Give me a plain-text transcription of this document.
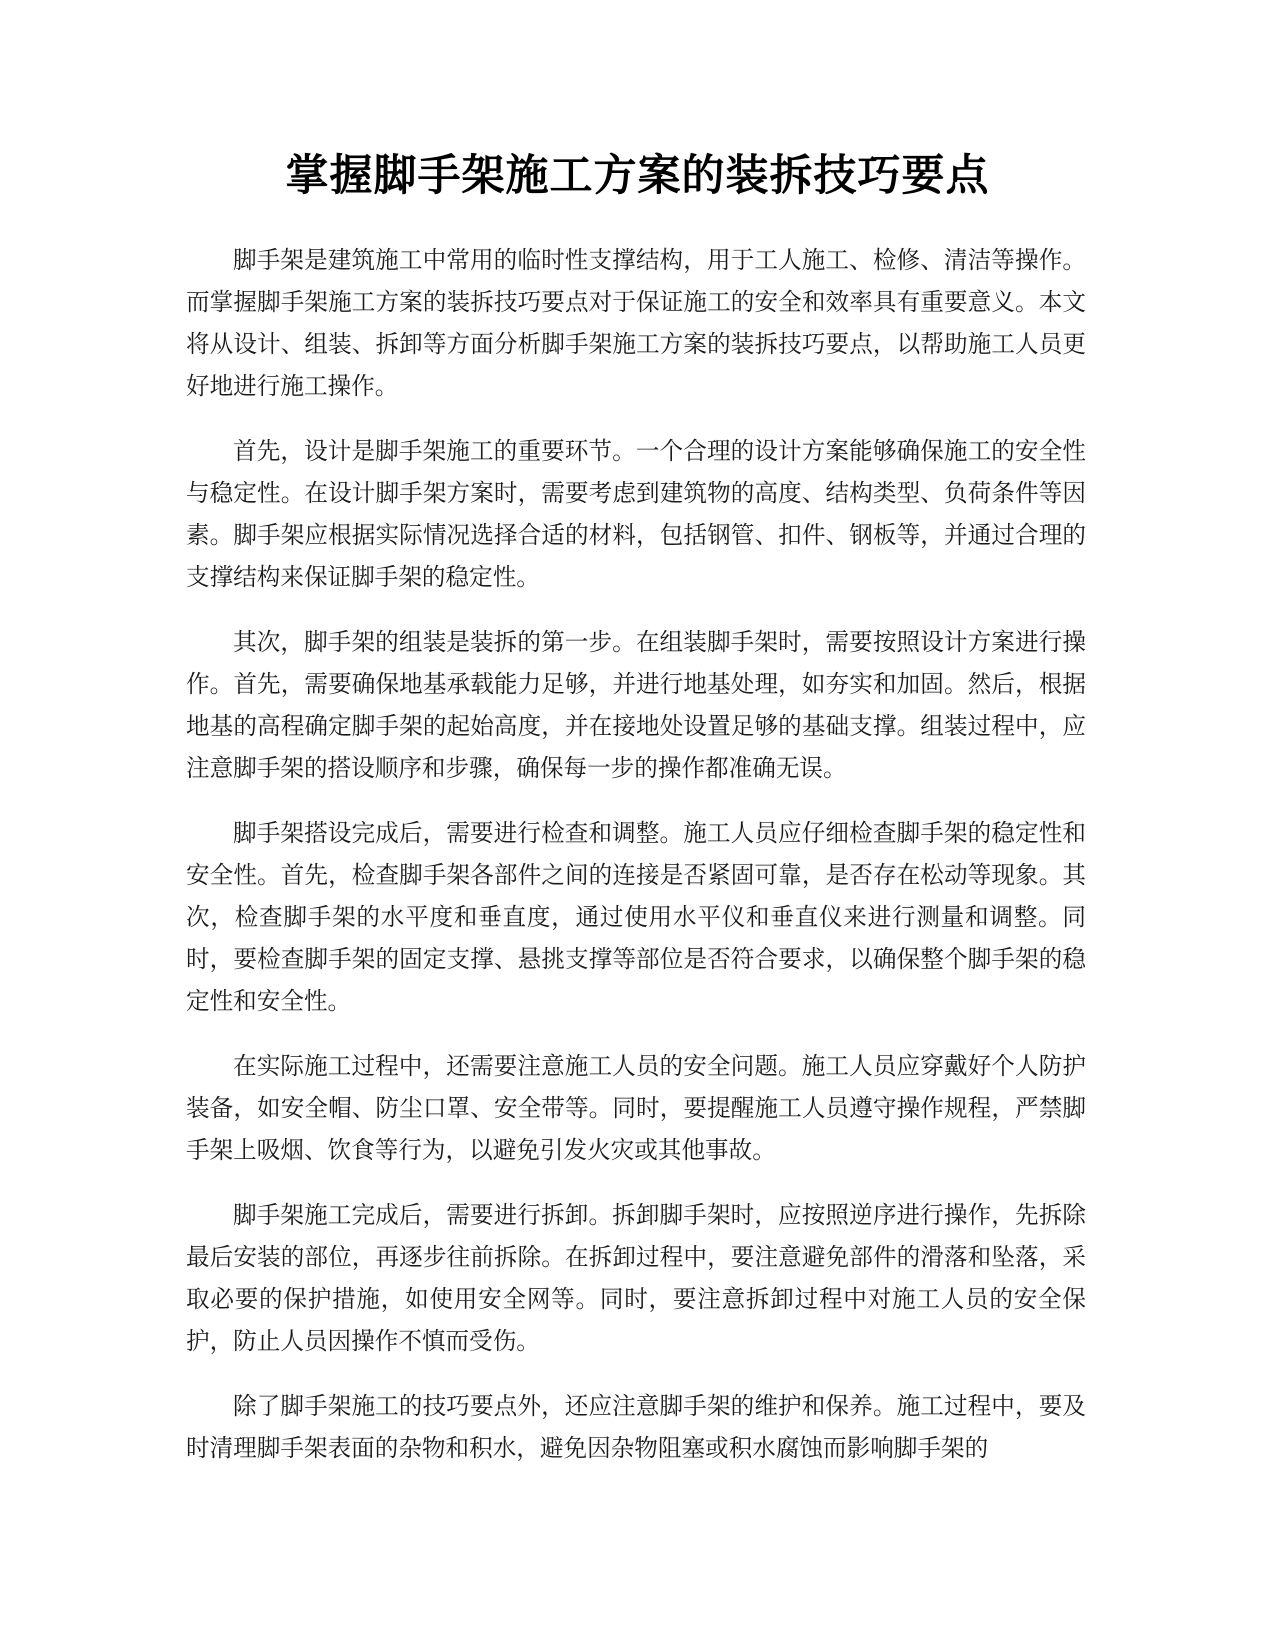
掌握脚手架施工方案的装拆技巧要点

脚手架是建筑施工中常用的临时性支撑结构，用于工人施工、检修、清洁等操作。而掌握脚手架施工方案的装拆技巧要点对于保证施工的安全和效率具有重要意义。本文将从设计、组装、拆卸等方面分析脚手架施工方案的装拆技巧要点，以帮助施工人员更好地进行施工操作。

首先，设计是脚手架施工的重要环节。一个合理的设计方案能够确保施工的安全性与稳定性。在设计脚手架方案时，需要考虑到建筑物的高度、结构类型、负荷条件等因素。脚手架应根据实际情况选择合适的材料，包括钢管、扣件、钢板等，并通过合理的支撑结构来保证脚手架的稳定性。

其次，脚手架的组装是装拆的第一步。在组装脚手架时，需要按照设计方案进行操作。首先，需要确保地基承载能力足够，并进行地基处理，如夯实和加固。然后，根据地基的高程确定脚手架的起始高度，并在接地处设置足够的基础支撑。组装过程中，应注意脚手架的搭设顺序和步骤，确保每一步的操作都准确无误。

脚手架搭设完成后，需要进行检查和调整。施工人员应仔细检查脚手架的稳定性和安全性。首先，检查脚手架各部件之间的连接是否紧固可靠，是否存在松动等现象。其次，检查脚手架的水平度和垂直度，通过使用水平仪和垂直仪来进行测量和调整。同时，要检查脚手架的固定支撑、悬挑支撑等部位是否符合要求，以确保整个脚手架的稳定性和安全性。

在实际施工过程中，还需要注意施工人员的安全问题。施工人员应穿戴好个人防护装备，如安全帽、防尘口罩、安全带等。同时，要提醒施工人员遵守操作规程，严禁脚手架上吸烟、饮食等行为，以避免引发火灾或其他事故。

脚手架施工完成后，需要进行拆卸。拆卸脚手架时，应按照逆序进行操作，先拆除最后安装的部位，再逐步往前拆除。在拆卸过程中，要注意避免部件的滑落和坠落，采取必要的保护措施，如使用安全网等。同时，要注意拆卸过程中对施工人员的安全保护，防止人员因操作不慎而受伤。

除了脚手架施工的技巧要点外，还应注意脚手架的维护和保养。施工过程中，要及时清理脚手架表面的杂物和积水，避免因杂物阻塞或积水腐蚀而影响脚手架的
